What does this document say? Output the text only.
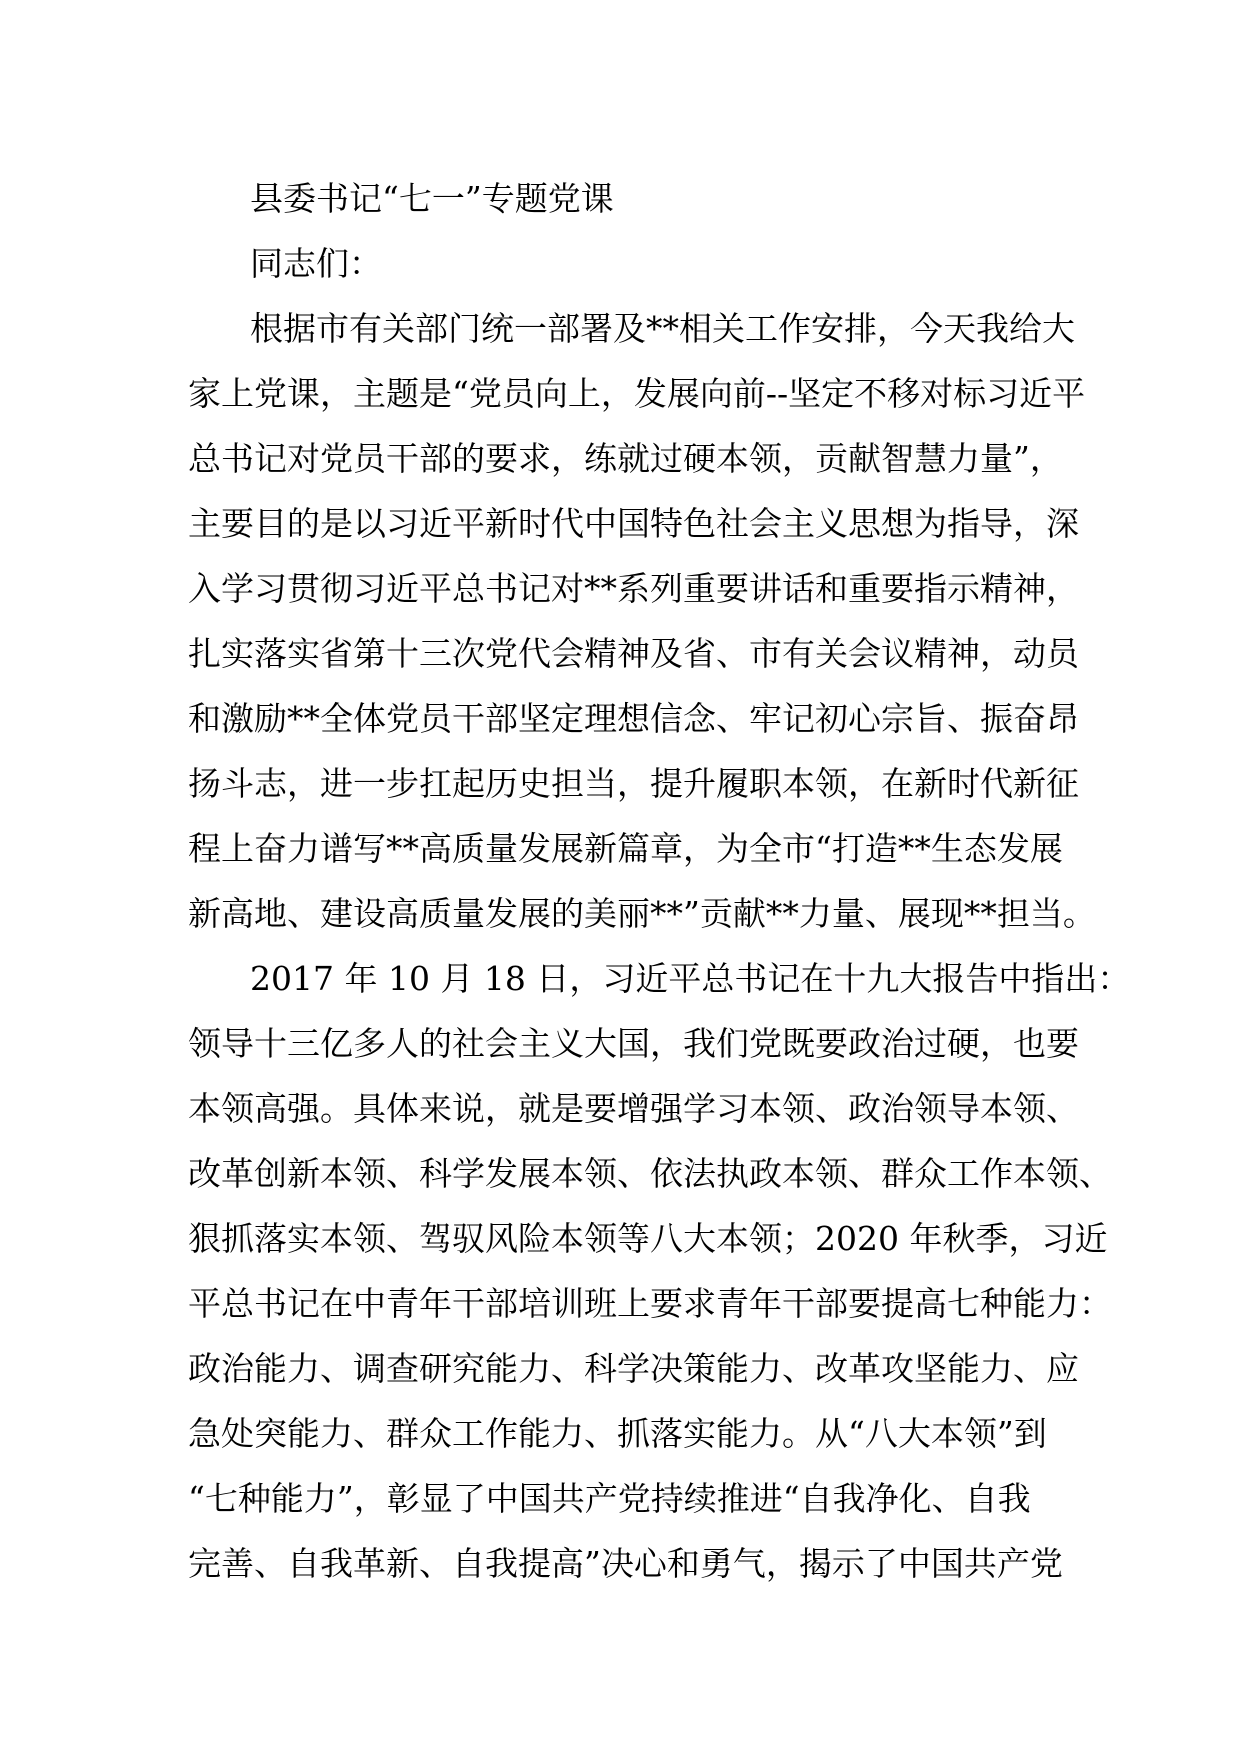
县委书记“七一”专题党课
同志们：
根据市有关部门统一部署及**相关工作安排，今天我给大
家上党课，主题是“党员向上，发展向前--坚定不移对标习近平
总书记对党员干部的要求，练就过硬本领，贡献智慧力量”，
主要目的是以习近平新时代中国特色社会主义思想为指导，深
入学习贯彻习近平总书记对**系列重要讲话和重要指示精神，
扎实落实省第十三次党代会精神及省、市有关会议精神，动员
和激励**全体党员干部坚定理想信念、牢记初心宗旨、振奋昂
扬斗志，进一步扛起历史担当，提升履职本领，在新时代新征
程上奋力谱写**高质量发展新篇章，为全市“打造**生态发展
新高地、建设高质量发展的美丽**”贡献**力量、展现**担当。
2017 年 10 月 18 日，习近平总书记在十九大报告中指出：
领导十三亿多人的社会主义大国，我们党既要政治过硬，也要
本领高强。具体来说，就是要增强学习本领、政治领导本领、
改革创新本领、科学发展本领、依法执政本领、群众工作本领、
狠抓落实本领、驾驭风险本领等八大本领；2020 年秋季，习近
平总书记在中青年干部培训班上要求青年干部要提高七种能力：
政治能力、调查研究能力、科学决策能力、改革攻坚能力、应
急处突能力、群众工作能力、抓落实能力。从“八大本领”到
“七种能力”，彰显了中国共产党持续推进“自我净化、自我
完善、自我革新、自我提高”决心和勇气，揭示了中国共产党
